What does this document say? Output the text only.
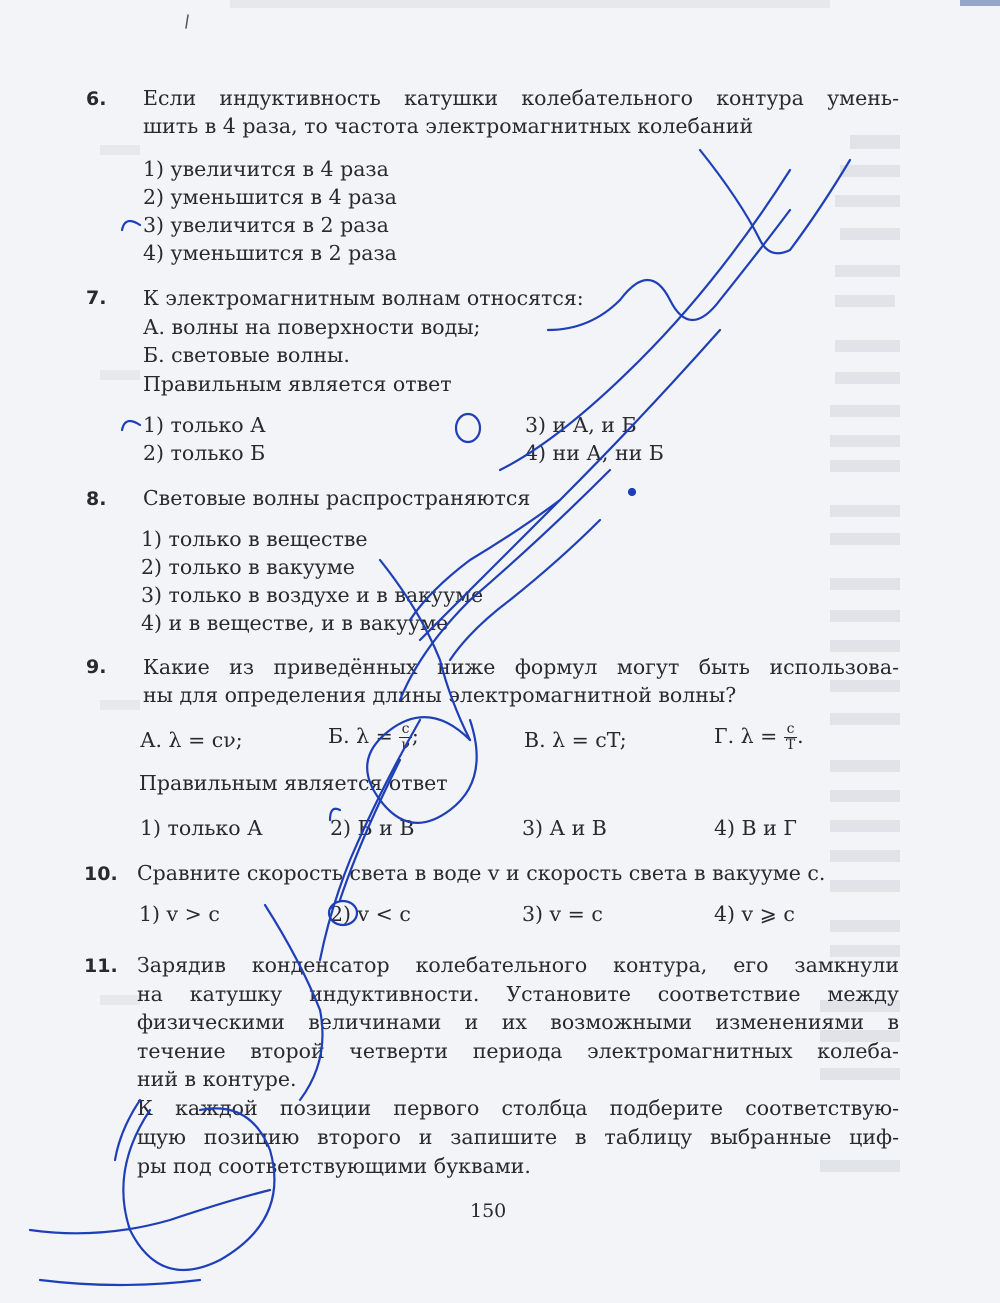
6. Если индуктивность катушки колебательного контура умень-
шить в 4 раза, то частота электромагнитных колебаний
1) увеличится в 4 раза
2) уменьшится в 4 раза
3) увеличится в 2 раза
4) уменьшится в 2 раза
7. К электромагнитным волнам относятся:
А. волны на поверхности воды;
Б. световые волны.
Правильным является ответ
1) только А	3) и А, и Б
2) только Б	4) ни А, ни Б
8. Световые волны распространяются
1) только в веществе
2) только в вакууме
3) только в воздухе и в вакууме
4) и в веществе, и в вакууме
9. Какие из приведённых ниже формул могут быть использова-
ны для определения длины электромагнитной волны?
А. λ = cν;	Б. $\lambda = \frac{c}{\nu}$ ;	В. λ = cT;	Г. $\lambda = \frac{c}{T}$ .
Правильным является ответ
1) только А	2) Б и В	3) А и В	4) В и Г
10. Сравните скорость света в воде v и скорость света в вакууме c.
1) v > c	2) v < c	3) v = c	4) v ⩾ c
11. Зарядив конденсатор колебательного контура, его замкнули
на катушку индуктивности. Установите соответствие между
физическими величинами и их возможными изменениями в
течение второй четверти периода электромагнитных колеба-
ний в контуре.
К каждой позиции первого столбца подберите соответствую-
щую позицию второго и запишите в таблицу выбранные циф-
ры под соответствующими буквами.
150
